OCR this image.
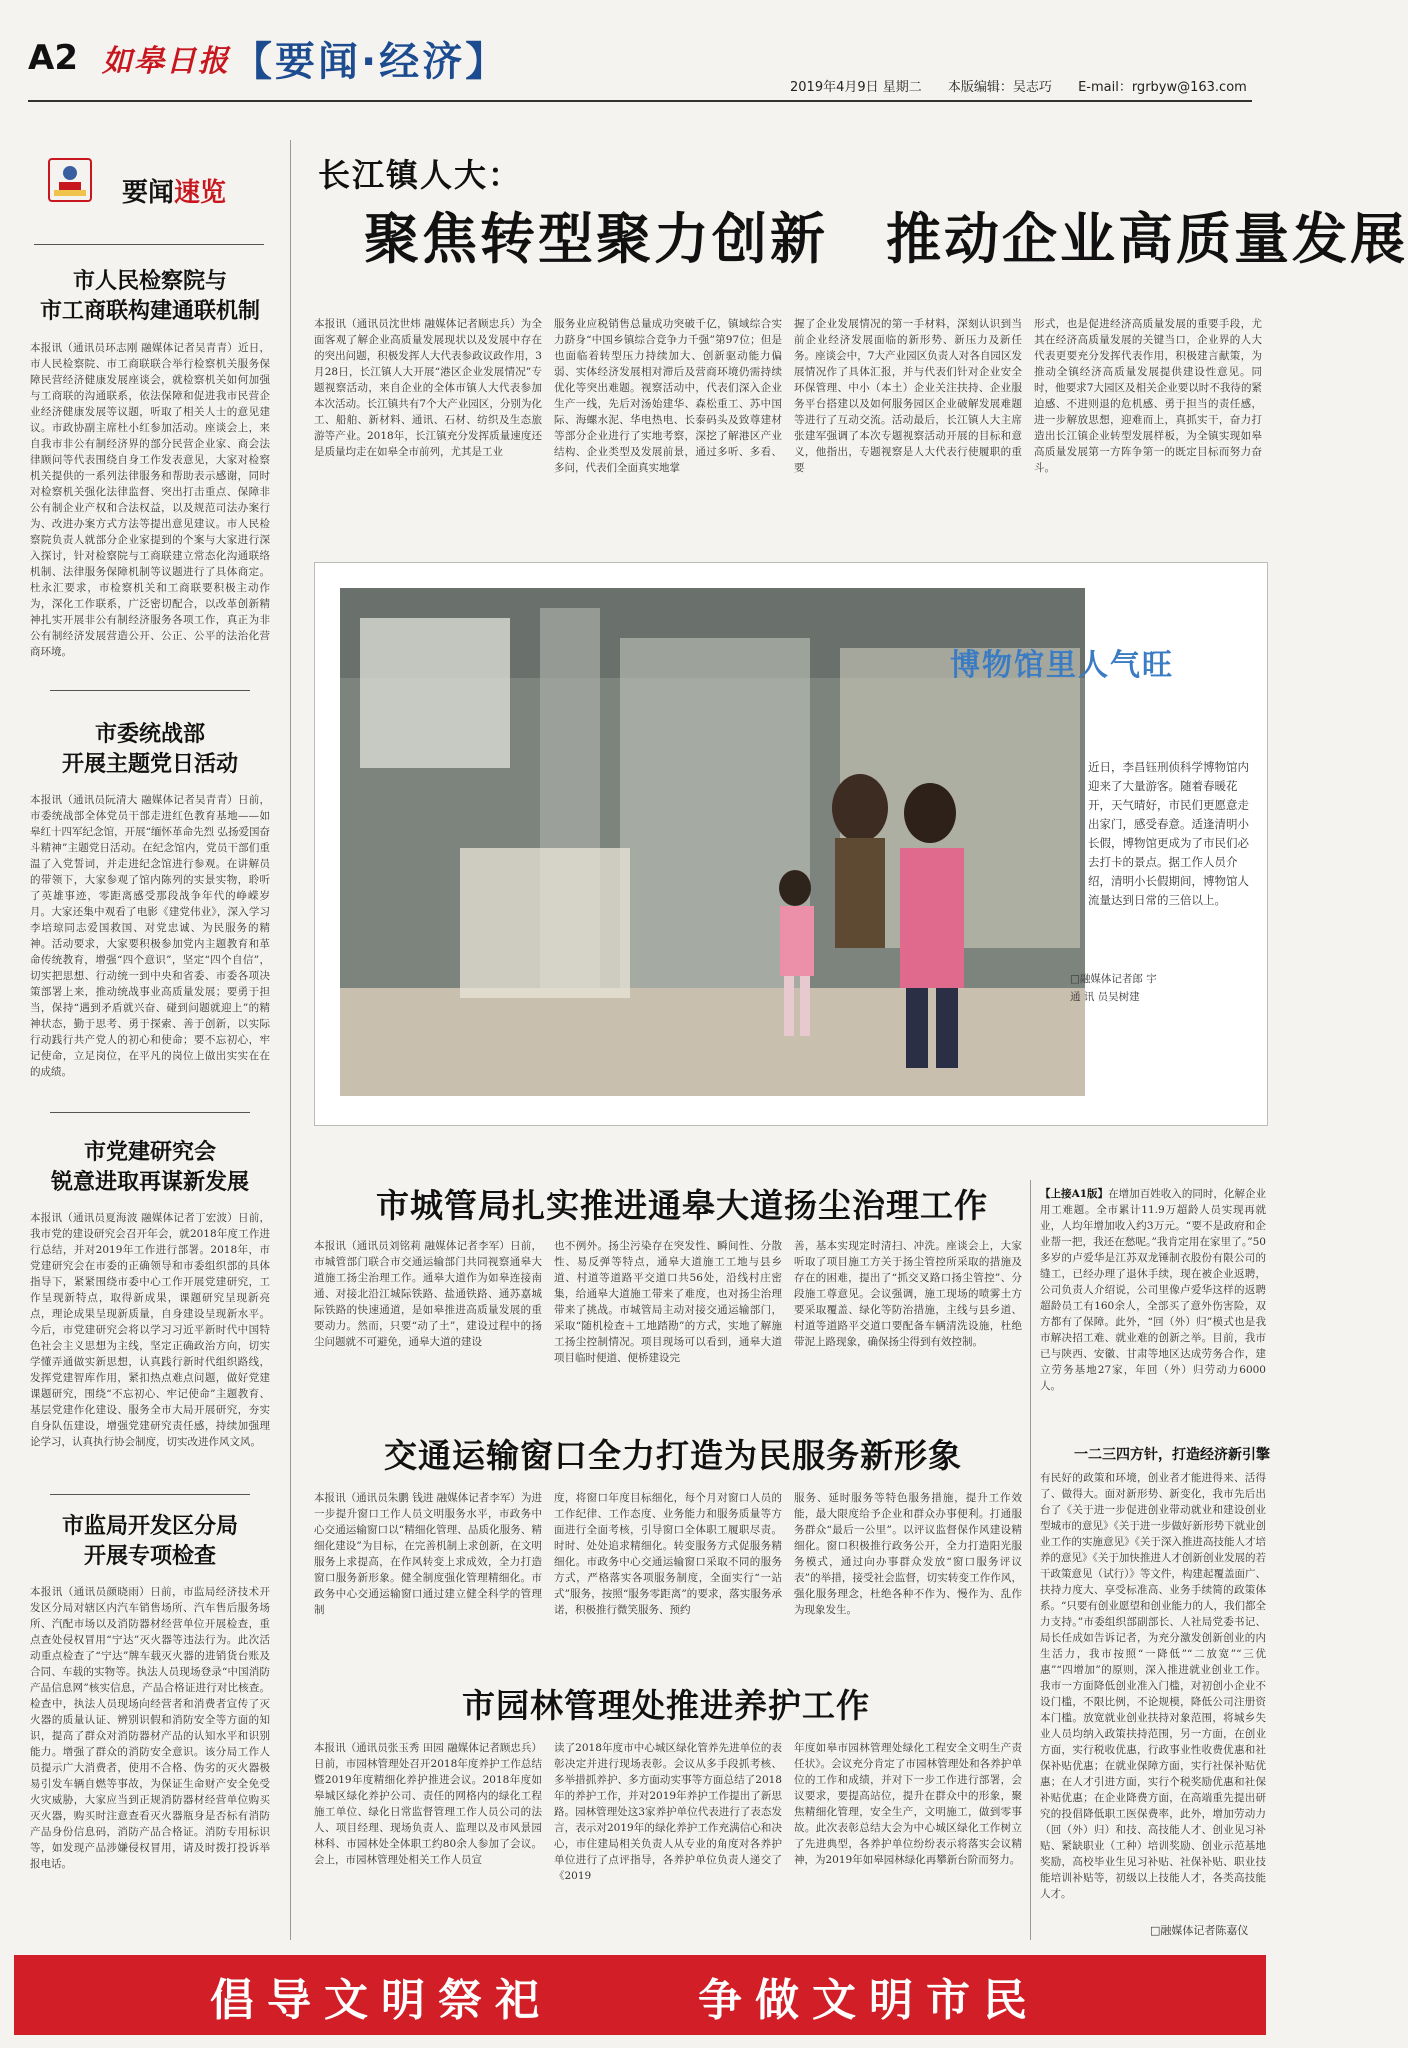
A2 如皋日报 【要闻·经济】
2019年4月9日 星期二 本版编辑：吴志巧 E-mail：rgrbyw@163.com
要闻速览
市人民检察院与
市工商联构建通联机制
本报讯（通讯员环志刚 融媒体记者吴青青）近日，市人民检察院、市工商联联合举行检察机关服务保障民营经济健康发展座谈会，就检察机关如何加强与工商联的沟通联系，依法保障和促进我市民营企业经济健康发展等议题，听取了相关人士的意见建议。市政协副主席杜小红参加活动。座谈会上，来自我市非公有制经济界的部分民营企业家、商会法律顾问等代表围绕自身工作发表意见，大家对检察机关提供的一系列法律服务和帮助表示感谢，同时对检察机关强化法律监督、突出打击重点、保障非公有制企业产权和合法权益，以及规范司法办案行为、改进办案方式方法等提出意见建议。市人民检察院负责人就部分企业家提到的个案与大家进行深入探讨，针对检察院与工商联建立常态化沟通联络机制、法律服务保障机制等议题进行了具体商定。杜永汇要求，市检察机关和工商联要积极主动作为，深化工作联系，广泛密切配合，以改革创新精神扎实开展非公有制经济服务各项工作，真正为非公有制经济发展营造公开、公正、公平的法治化营商环境。
市委统战部
开展主题党日活动
本报讯（通讯员阮清大 融媒体记者吴青青）日前，市委统战部全体党员干部走进红色教育基地——如皋红十四军纪念馆，开展“缅怀革命先烈 弘扬爱国奋斗精神”主题党日活动。在纪念馆内，党员干部们重温了入党誓词，并走进纪念馆进行参观。在讲解员的带领下，大家参观了馆内陈列的实景实物，聆听了英雄事迹，零距离感受那段战争年代的峥嵘岁月。大家还集中观看了电影《建党伟业》，深入学习李培琼同志爱国救国、对党忠诚、为民服务的精神。活动要求，大家要积极参加党内主题教育和革命传统教育，增强“四个意识”，坚定“四个自信”，切实把思想、行动统一到中央和省委、市委各项决策部署上来，推动统战事业高质量发展；要勇于担当，保持“遇到矛盾就兴奋、碰到问题就迎上”的精神状态，勤于思考、勇于探索、善于创新，以实际行动践行共产党人的初心和使命；要不忘初心，牢记使命，立足岗位，在平凡的岗位上做出实实在在的成绩。
市党建研究会
锐意进取再谋新发展
本报讯（通讯员夏海波 融媒体记者丁宏波）日前，我市党的建设研究会召开年会，就2018年度工作进行总结，并对2019年工作进行部署。2018年，市党建研究会在市委的正确领导和市委组织部的具体指导下，紧紧围绕市委中心工作开展党建研究，工作呈现新特点，取得新成果，课题研究呈现新亮点，理论成果呈现新质量，自身建设呈现新水平。今后，市党建研究会将以学习习近平新时代中国特色社会主义思想为主线，坚定正确政治方向，切实学懂弄通做实新思想，认真践行新时代组织路线，发挥党建智库作用，紧扣热点难点问题，做好党建课题研究，围绕“不忘初心、牢记使命”主题教育、基层党建作化建设、服务全市大局开展研究，夯实自身队伍建设，增强党建研究责任感，持续加强理论学习，认真执行协会制度，切实改进作风文风。
市监局开发区分局
开展专项检查
本报讯（通讯员颜晓雨）日前，市监局经济技术开发区分局对辖区内汽车销售场所、汽车售后服务场所、汽配市场以及消防器材经营单位开展检查，重点查处侵权冒用“宁达”灭火器等违法行为。此次活动重点检查了“宁达”牌车载灭火器的进销货台账及合同、车载的实物等。执法人员现场登录“中国消防产品信息网”核实信息，产品合格证进行对比核查。检查中，执法人员现场向经营者和消费者宣传了灭火器的质量认证、辨别识假和消防安全等方面的知识，提高了群众对消防器材产品的认知水平和识别能力。增强了群众的消防安全意识。该分局工作人员提示广大消费者，使用不合格、伪劣的灭火器极易引发车辆自燃等事故，为保证生命财产安全免受火灾威胁，大家应当到正规消防器材经营单位购买灭火器，购买时注意查看灭火器瓶身是否标有消防产品身份信息码，消防产品合格证。消防专用标识等，如发现产品涉嫌侵权冒用，请及时拨打投诉举报电话。
长江镇人大：
聚焦转型聚力创新　推动企业高质量发展
本报讯（通讯员沈世炜 融媒体记者顾忠兵）为全面客观了解企业高质量发展现状以及发展中存在的突出问题，积极发挥人大代表参政议政作用，3月28日，长江镇人大开展“港区企业发展情况”专题视察活动，来自企业的全体市镇人大代表参加本次活动。长江镇共有7个大产业园区，分别为化工、船舶、新材料、通讯、石材、纺织及生态旅游等产业。2018年，长江镇充分发挥质量速度还是质量均走在如皋全市前列，尤其是工业
服务业应税销售总量成功突破千亿，镇域综合实力跻身“中国乡镇综合竞争力千强”第97位；但是也面临着转型压力持续加大、创新驱动能力偏弱、实体经济发展相对滞后及营商环境仍需持续优化等突出难题。视察活动中，代表们深入企业生产一线，先后对汤始建华、森松重工、苏中国际、海螺水泥、华电热电、长泰码头及致尊建材等部分企业进行了实地考察，深挖了解港区产业结构、企业类型及发展前景，通过多听、多看、多问，代表们全面真实地掌
握了企业发展情况的第一手材料，深刻认识到当前企业经济发展面临的新形势、新压力及新任务。座谈会中，7大产业园区负责人对各自园区发展情况作了具体汇报，并与代表们针对企业安全环保管理、中小（本土）企业关注扶持、企业服务平台搭建以及如何服务园区企业破解发展难题等进行了互动交流。活动最后，长江镇人大主席张建军强调了本次专题视察活动开展的目标和意义，他指出，专题视察是人大代表行使履职的重要
形式，也是促进经济高质量发展的重要手段，尤其在经济高质量发展的关键当口，企业界的人大代表更要充分发挥代表作用，积极建言献策，为推动全镇经济高质量发展提供建设性意见。同时，他要求7大园区及相关企业要以时不我待的紧迫感、不进则退的危机感、勇于担当的责任感，进一步解放思想，迎难而上，真抓实干，奋力打造出长江镇企业转型发展样板，为全镇实现如皋高质量发展第一方阵争第一的既定目标而努力奋斗。
博物馆里人气旺
近日，李昌钰刑侦科学博物馆内迎来了大量游客。随着春暖花开，天气晴好，市民们更愿意走出家门，感受春意。适逢清明小长假，博物馆更成为了市民们必去打卡的景点。据工作人员介绍，清明小长假期间，博物馆人流量达到日常的三倍以上。
□融媒体记者郎 宇
通 讯 员吴树建
市城管局扎实推进通皋大道扬尘治理工作
本报讯（通讯员刘铭莉 融媒体记者李军）日前，市城管部门联合市交通运输部门共同视察通皋大道施工扬尘治理工作。通皋大道作为如皋连接南通、对接北沿江城际铁路、盐通铁路、通苏嘉城际铁路的快速通道，是如皋推进高质量发展的重要动力。然而，只要“动了土”，建设过程中的扬尘问题就不可避免，通皋大道的建设
也不例外。扬尘污染存在突发性、瞬间性、分散性、易反弹等特点，通皋大道施工工地与县乡道、村道等道路平交道口共56处，沿线村庄密集，给通皋大道施工带来了难度，也对扬尘治理带来了挑战。市城管局主动对接交通运输部门，采取“随机检查＋工地踏勘”的方式，实地了解施工扬尘控制情况。项目现场可以看到，通皋大道项目临时便道、便桥建设完
善，基本实现定时清扫、冲洗。座谈会上，大家听取了项目施工方关于扬尘管控所采取的措施及存在的困难，提出了“抓交叉路口扬尘管控”、分段施工尊意见。会议强调，施工现场的喷雾土方要采取覆盖、绿化等防治措施，主线与县乡道、村道等道路平交道口要配备车辆清洗设施，杜绝带泥上路现象，确保扬尘得到有效控制。
交通运输窗口全力打造为民服务新形象
本报讯（通讯员朱鹏 钱进 融媒体记者李军）为进一步提升窗口工作人员文明服务水平，市政务中心交通运输窗口以“精细化管理、品质化服务、精细化建设”为目标，在完善机制上求创新，在文明服务上求提高，在作风转变上求成效，全力打造窗口服务新形象。健全制度强化管理精细化。市政务中心交通运输窗口通过建立健全科学的管理制
度，将窗口年度目标细化，每个月对窗口人员的工作纪律、工作态度、业务能力和服务质量等方面进行全面考核，引导窗口全体职工履职尽责。时时、处处追求精细化。转变服务方式促服务精细化。市政务中心交通运输窗口采取不同的服务方式，严格落实各项服务制度，全面实行“一站式”服务，按照“服务零距离”的要求，落实服务承诺，积极推行微笑服务、预约
服务、延时服务等特色服务措施，提升工作效能，最大限度给予企业和群众办事便利。打通服务群众“最后一公里”。以评议监督保作风建设精细化。窗口积极推行政务公开，全力打造阳光服务模式，通过向办事群众发放“窗口服务评议表”的举措，接受社会监督，切实转变工作作风，强化服务理念，杜绝各种不作为、慢作为、乱作为现象发生。
市园林管理处推进养护工作
本报讯（通讯员张玉秀 田园 融媒体记者顾忠兵）日前，市园林管理处召开2018年度养护工作总结暨2019年度精细化养护推进会议。2018年度如皋城区绿化养护公司、责任的网格内的绿化工程施工单位、绿化日常监督管理工作人员公司的法人、项目经理、现场负责人、监理以及市风景园林科、市园林处全体职工约80余人参加了会议。会上，市园林管理处相关工作人员宣
读了2018年度市中心城区绿化管养先进单位的表彰决定并进行现场表彰。会议从多手段抓考核、多举措抓养护、多方面动实事等方面总结了2018年的养护工作，并对2019年养护工作提出了新思路。园林管理处这3家养护单位代表进行了表态发言，表示对2019年的绿化养护工作充满信心和决心，市住建局相关负责人从专业的角度对各养护单位进行了点评指导，各养护单位负责人递交了《2019
年度如皋市园林管理处绿化工程安全文明生产责任状》。会议充分肯定了市园林管理处和各养护单位的工作和成绩，并对下一步工作进行部署，会议要求，要提高站位，提升在群众中的形象，聚焦精细化管理，安全生产，文明施工，做到零事故。此次表彰总结大会为中心城区绿化工作树立了先进典型，各养护单位纷纷表示将落实会议精神，为2019年如皋园林绿化再攀新台阶而努力。
【上接A1版】在增加百姓收入的同时，化解企业用工难题。全市累计11.9万超龄人员实现再就业，人均年增加收入约3万元。“要不是政府和企业帮一把，我还在愁呢。”我肯定用在家里了。”50多岁的卢爱华是江苏双龙锤制衣股份有限公司的缝工，已经办理了退休手续，现在被企业返聘，公司负责人介绍说，公司里像卢爱华这样的返聘超龄员工有160余人，全部买了意外伤害险，双方都有了保障。此外，“回（外）归”模式也是我市解决招工难、就业难的创新之举。目前，我市已与陕西、安徽、甘肃等地区达成劳务合作，建立劳务基地27家，年回（外）归劳动力6000人。
一二三四方针，打造经济新引擎
有民好的政策和环境，创业者才能进得来、活得了、做得大。面对新形势、新变化，我市先后出台了《关于进一步促进创业带动就业和建设创业型城市的意见》《关于进一步做好新形势下就业创业工作的实施意见》《关于深入推进高技能人才培养的意见》《关于加快推进人才创新创业发展的若干政策意见（试行）》等文件，构建起覆盖面广、扶持力度大、享受标准高、业务手续简的政策体系。“只要有创业愿望和创业能力的人，我们都全力支持。”市委组织部副部长、人社局党委书记、局长任成如告诉记者，为充分激发创新创业的内生活力，我市按照“一降低”“二放宽”“三优惠”“四增加”的原则，深入推进就业创业工作。我市一方面降低创业准入门槛，对初创小企业不设门槛，不限比例，不论规模，降低公司注册资本门槛。放宽就业创业扶持对象范围，将城乡失业人员均纳入政策扶持范围，另一方面，在创业方面，实行税收优惠，行政事业性收费优惠和社保补贴优惠；在就业保障方面，实行社保补贴优惠；在人才引进方面，实行个税奖励优惠和社保补贴优惠；在企业降费方面，在高端重先提出研究的投倡降低职工医保费率，此外，增加劳动力（回（外）归）和技、高技能人才、创业见习补贴、紧缺职业（工种）培训奖励、创业示范基地奖励，高校毕业生见习补贴、社保补贴、职业技能培训补贴等，初级以上技能人才，各类高技能人才。
□融媒体记者陈嘉仪
倡导文明祭祀	争做文明市民
